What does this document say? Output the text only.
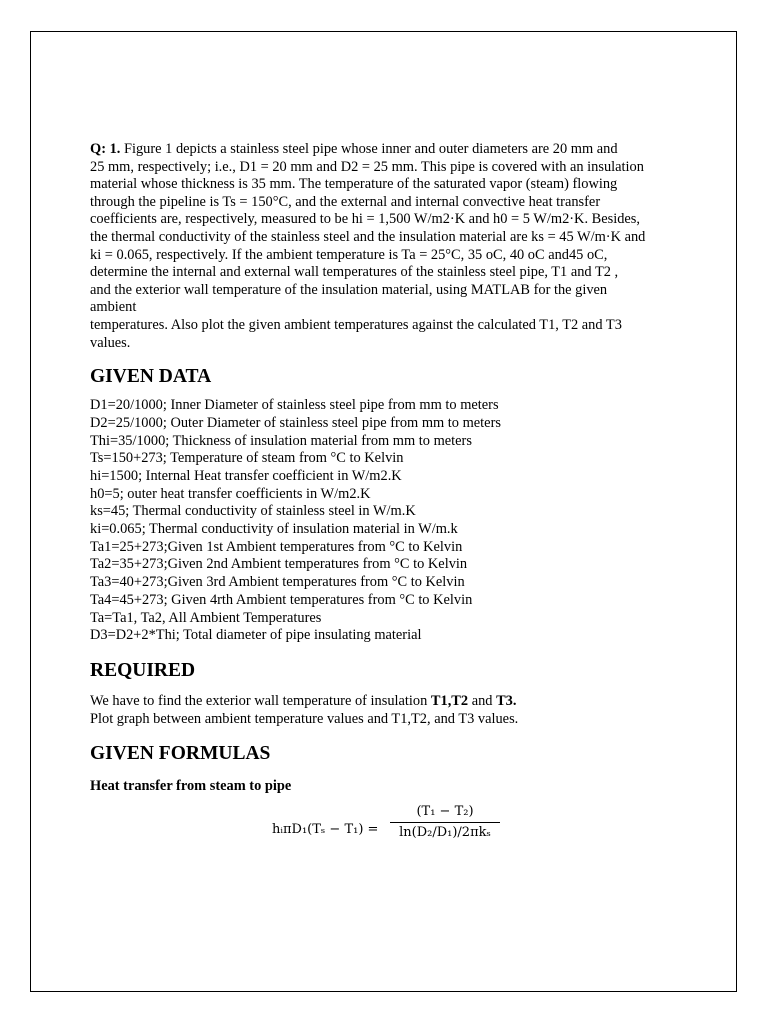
Q: 1. Figure 1 depicts a stainless steel pipe whose inner and outer diameters are 20 mm and
25 mm, respectively; i.e., D1 = 20 mm and D2 = 25 mm. This pipe is covered with an insulation
material whose thickness is 35 mm. The temperature of the saturated vapor (steam) flowing
through the pipeline is Ts = 150°C, and the external and internal convective heat transfer
coefficients are, respectively, measured to be hi = 1,500 W/m2·K and h0 = 5 W/m2·K. Besides,
the thermal conductivity of the stainless steel and the insulation material are ks = 45 W/m·K and
ki = 0.065, respectively. If the ambient temperature is Ta = 25°C, 35 oC, 40 oC and45 oC,
determine the internal and external wall temperatures of the stainless steel pipe, T1 and T2 ,
and the exterior wall temperature of the insulation material, using MATLAB for the given
ambient
temperatures. Also plot the given ambient temperatures against the calculated T1, T2 and T3
values.

GIVEN DATA
D1=20/1000; Inner Diameter of stainless steel pipe from mm to meters
D2=25/1000; Outer Diameter of stainless steel pipe from mm to meters
Thi=35/1000; Thickness of insulation material from mm to meters
Ts=150+273; Temperature of steam from °C to Kelvin
hi=1500; Internal Heat transfer coefficient in W/m2.K
h0=5; outer heat transfer coefficients in W/m2.K
ks=45; Thermal conductivity of stainless steel in W/m.K
ki=0.065; Thermal conductivity of insulation material in W/m.k
Ta1=25+273;Given 1st Ambient temperatures from °C to Kelvin
Ta2=35+273;Given 2nd Ambient temperatures from °C to Kelvin
Ta3=40+273;Given 3rd Ambient temperatures from °C to Kelvin
Ta4=45+273; Given 4rth Ambient temperatures from °C to Kelvin
Ta=Ta1, Ta2, All Ambient Temperatures
D3=D2+2*Thi; Total diameter of pipe insulating material
REQUIRED

We have to find the exterior wall temperature of insulation T1,T2 and T3.

Plot graph between ambient temperature values and T1,T2, and T3 values.

GIVEN FORMULAS

Heat transfer from steam to pipe

hᵢπD₁(Tₛ − T₁) =
(T₁ − T₂)
ln(D₂/D₁)/2πkₛ
